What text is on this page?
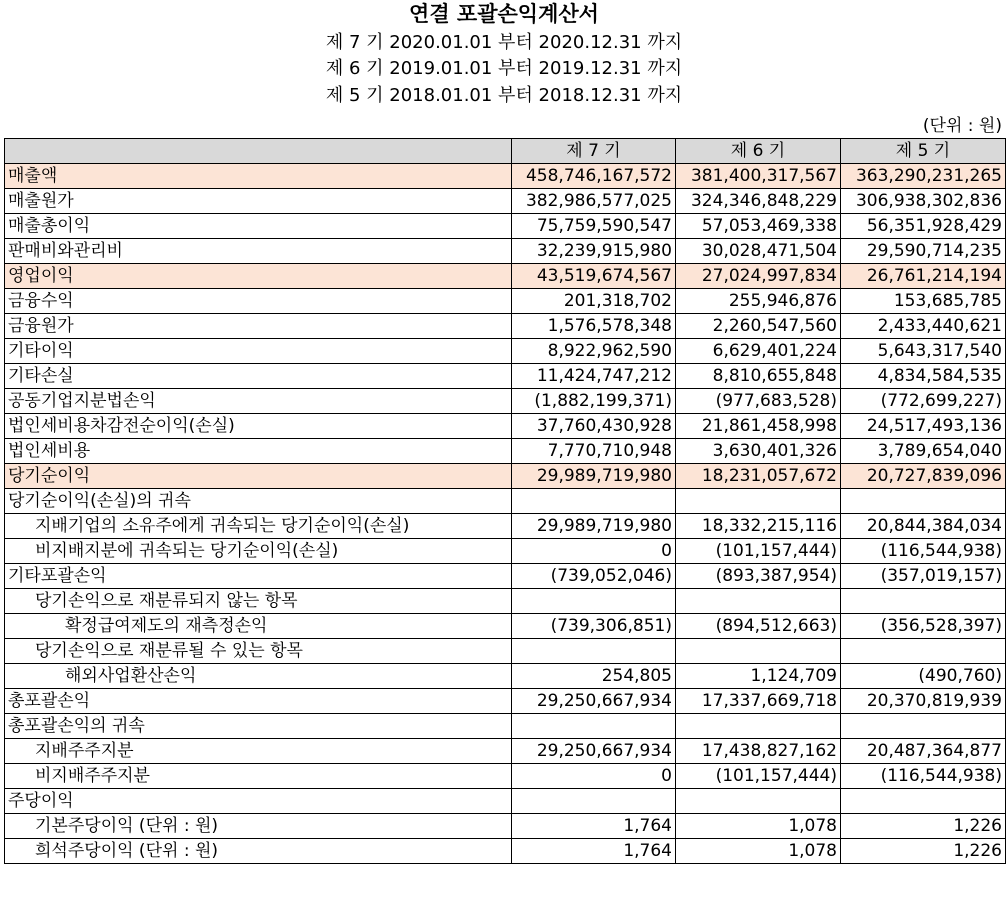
연결 포괄손익계산서
제 7 기 2020.01.01 부터 2020.12.31 까지
제 6 기 2019.01.01 부터 2019.12.31 까지
제 5 기 2018.01.01 부터 2018.12.31 까지
(단위 : 원)
	제 7 기	제 6 기	제 5 기
매출액	458,746,167,572	381,400,317,567	363,290,231,265
매출원가	382,986,577,025	324,346,848,229	306,938,302,836
매출총이익	75,759,590,547	57,053,469,338	56,351,928,429
판매비와관리비	32,239,915,980	30,028,471,504	29,590,714,235
영업이익	43,519,674,567	27,024,997,834	26,761,214,194
금융수익	201,318,702	255,946,876	153,685,785
금융원가	1,576,578,348	2,260,547,560	2,433,440,621
기타이익	8,922,962,590	6,629,401,224	5,643,317,540
기타손실	11,424,747,212	8,810,655,848	4,834,584,535
공동기업지분법손익	(1,882,199,371)	(977,683,528)	(772,699,227)
법인세비용차감전순이익(손실)	37,760,430,928	21,861,458,998	24,517,493,136
법인세비용	7,770,710,948	3,630,401,326	3,789,654,040
당기순이익	29,989,719,980	18,231,057,672	20,727,839,096
당기순이익(손실)의 귀속			
지배기업의 소유주에게 귀속되는 당기순이익(손실)	29,989,719,980	18,332,215,116	20,844,384,034
비지배지분에 귀속되는 당기순이익(손실)	0	(101,157,444)	(116,544,938)
기타포괄손익	(739,052,046)	(893,387,954)	(357,019,157)
당기손익으로 재분류되지 않는 항목			
확정급여제도의 재측정손익	(739,306,851)	(894,512,663)	(356,528,397)
당기손익으로 재분류될 수 있는 항목			
해외사업환산손익	254,805	1,124,709	(490,760)
총포괄손익	29,250,667,934	17,337,669,718	20,370,819,939
총포괄손익의 귀속			
지배주주지분	29,250,667,934	17,438,827,162	20,487,364,877
비지배주주지분	0	(101,157,444)	(116,544,938)
주당이익			
기본주당이익 (단위 : 원)	1,764	1,078	1,226
희석주당이익 (단위 : 원)	1,764	1,078	1,226
